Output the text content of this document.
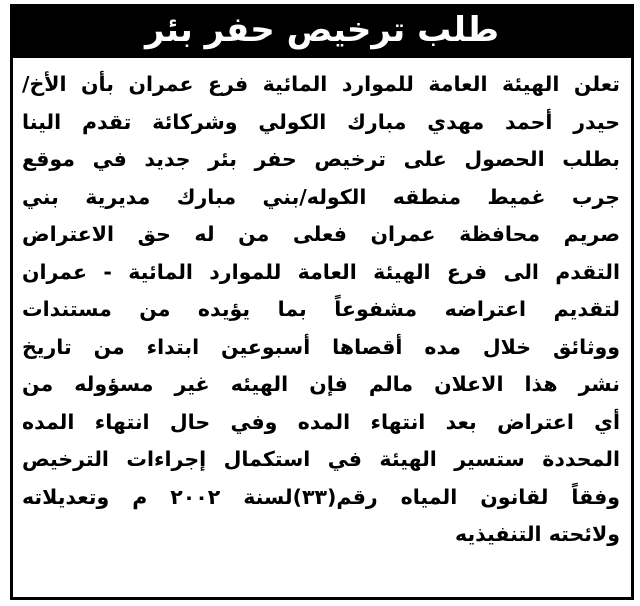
طلب ترخيص حفر بئر
تعلن الهيئة العامة للموارد المائية فرع عمران بأن الأخ/
حيدر أحمد مهدي مبارك الكولي وشركائة تقدم الينا
بطلب الحصول على ترخيص حفر بئر جديد في موقع
جرب غميط منطقه الكوله/بني مبارك مديرية بني
صريم محافظة عمران فعلى من له حق الاعتراض
التقدم الى فرع الهيئة العامة للموارد المائية - عمران
لتقديم اعتراضه مشفوعاً بما يؤيده من مستندات
ووثائق خلال مده أقصاها أسبوعين ابتداء من تاريخ
نشر هذا الاعلان مالم فإن الهيئه غير مسؤوله من
أي اعتراض بعد انتهاء المده وفي حال انتهاء المده
المحددة ستسير الهيئة في استكمال إجراءات الترخيص
وفقاً لقانون المياه رقم(٣٣)لسنة ٢٠٠٢ م وتعديلاته
ولائحته التنفيذيه
